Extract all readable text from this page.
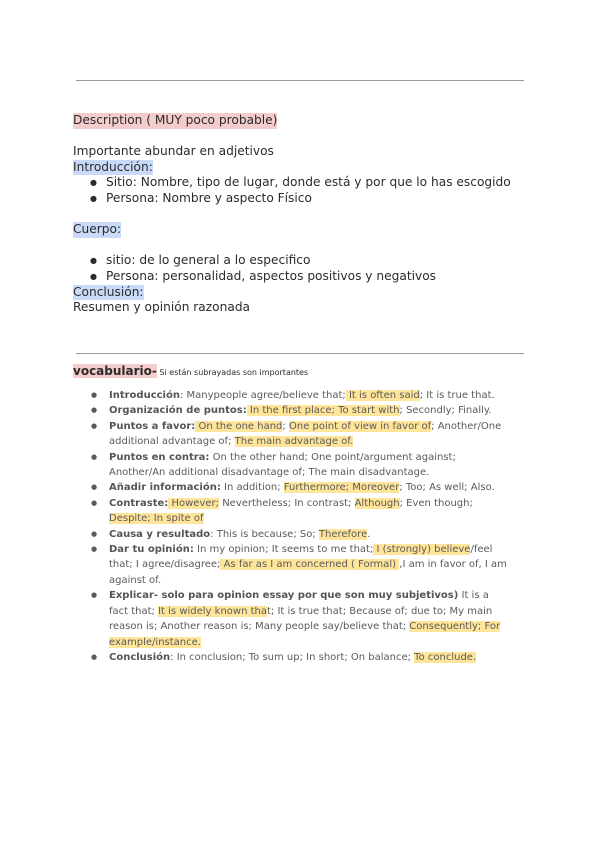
Description ( MUY poco probable)
Importante abundar en adjetivos
Introducción:
● Sitio: Nombre, tipo de lugar, donde está y por que lo has escogido
● Persona: Nombre y aspecto Físico
Cuerpo:
● sitio: de lo general a lo especifico
● Persona: personalidad, aspectos positivos y negativos
Conclusión:
Resumen y opinión razonada
vocabulario- Si están subrayadas son importantes
● Introducción: Manypeople agree/believe that; It is often said; It is true that.
● Organización de puntos: In the first place; To start with; Secondly; Finally.
● Puntos a favor: On the one hand; One point of view in favor of; Another/One additional advantage of; The main advantage of.
● Puntos en contra: On the other hand; One point/argument against; Another/An additional disadvantage of; The main disadvantage.
● Añadir información: In addition; Furthermore; Moreover; Too; As well; Also.
● Contraste: However; Nevertheless; In contrast; Although; Even though; Despite; In spite of
● Causa y resultado: This is because; So; Therefore.
● Dar tu opinión: In my opinion; It seems to me that; I (strongly) believe/feel that; I agree/disagree; As far as I am concerned ( Formal) ,I am in favor of, I am against of.
● Explicar- solo para opinion essay por que son muy subjetivos) It is a fact that; It is widely known that; It is true that; Because of; due to; My main reason is; Another reason is; Many people say/believe that; Consequently; For example/instance.
● Conclusión: In conclusion; To sum up; In short; On balance; To conclude.
